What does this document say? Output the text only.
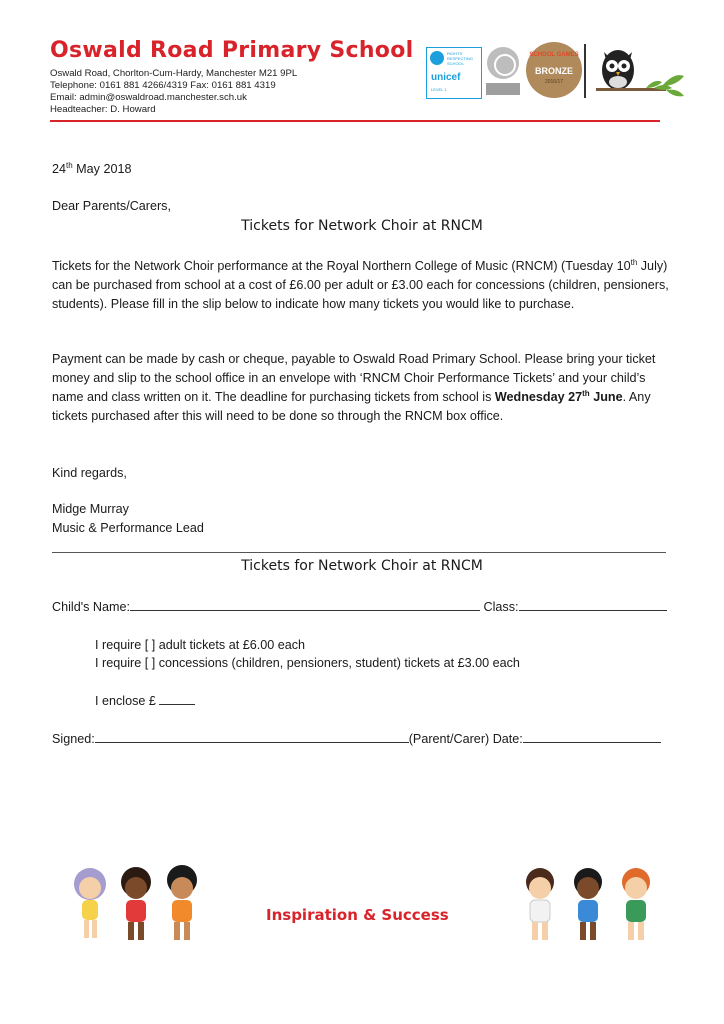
Oswald Road Primary School
Oswald Road, Chorlton-Cum-Hardy, Manchester M21 9PL
Telephone: 0161 881 4266/4319 Fax: 0161 881 4319
Email: admin@oswaldroad.manchester.sch.uk
Headteacher: D. Howard
RIGHTS RESPECTING SCHOOL
unicef
LEVEL 1
SCHOOL GAMES
BRONZE
2016/17
24th May 2018
Dear Parents/Carers,
Tickets for Network Choir at RNCM
Tickets for the Network Choir performance at the Royal Northern College of Music (RNCM) (Tuesday 10th July) can be purchased from school at a cost of £6.00 per adult or £3.00 each for concessions (children, pensioners, students). Please fill in the slip below to indicate how many tickets you would like to purchase.
Payment can be made by cash or cheque, payable to Oswald Road Primary School. Please bring your ticket money and slip to the school office in an envelope with ‘RNCM Choir Performance Tickets’ and your child’s name and class written on it. The deadline for purchasing tickets from school is Wednesday 27th June. Any tickets purchased after this will need to be done so through the RNCM box office.
Kind regards,
Midge Murray
Music & Performance Lead
Tickets for Network Choir at RNCM
Child's Name:	Class:
I require [ ] adult tickets at £6.00 each
I require [ ] concessions (children, pensioners, student) tickets at £3.00 each
I enclose £
Signed:	(Parent/Carer) Date:
Inspiration & Success
